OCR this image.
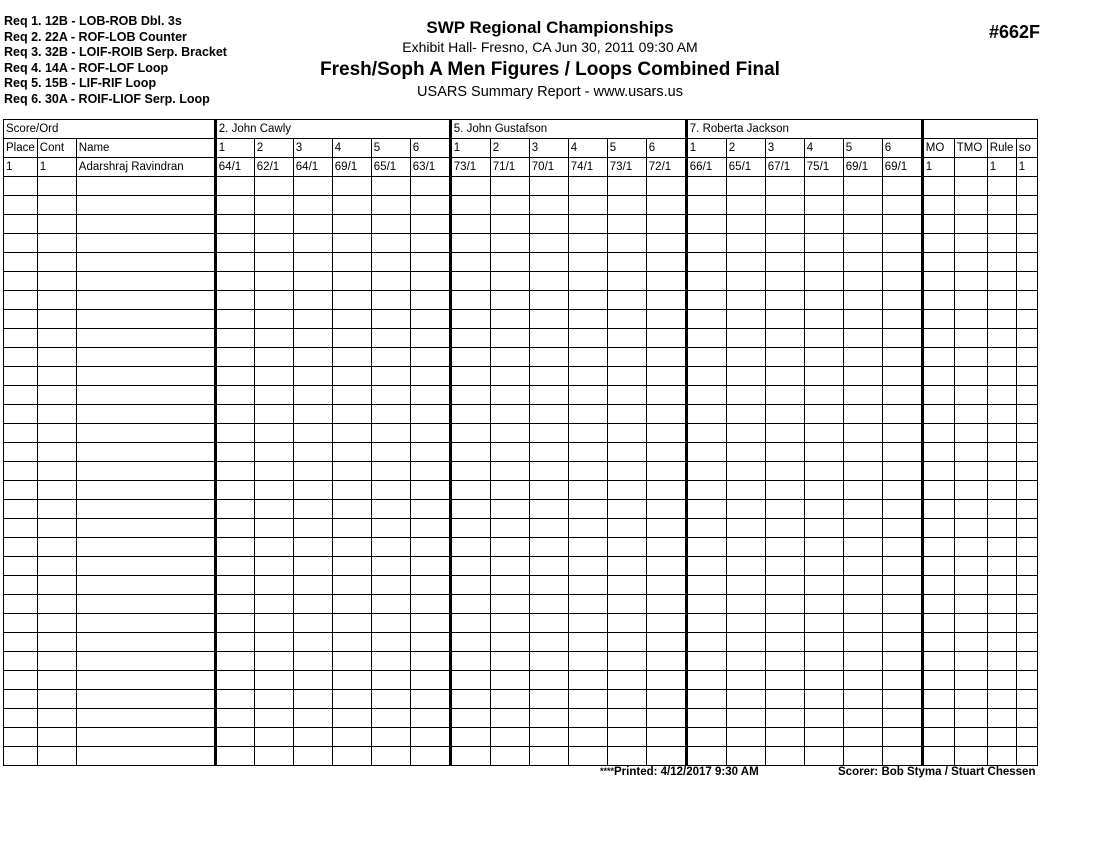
Req 1. 12B - LOB-ROB Dbl. 3s
Req 2. 22A - ROF-LOB Counter
Req 3. 32B - LOIF-ROIB Serp. Bracket
Req 4. 14A - ROF-LOF Loop
Req 5. 15B - LIF-RIF Loop
Req 6. 30A - ROIF-LIOF Serp. Loop
SWP Regional Championships
Exhibit Hall- Fresno, CA Jun 30, 2011 09:30 AM
Fresh/Soph A Men Figures / Loops Combined Final
USARS Summary Report - www.usars.us
#662F
Score/Ord			2. John Cawly						5. John Gustafson						7. Roberta Jackson									
Place	Cont	Name	1	2	3	4	5	6	1	2	3	4	5	6	1	2	3	4	5	6	MO	TMO	Rule	so
1	1	Adarshraj Ravindran	64/1	62/1	64/1	69/1	65/1	63/1	73/1	71/1	70/1	74/1	73/1	72/1	66/1	65/1	67/1	75/1	69/1	69/1	1		1	1

****Printed: 4/12/2017 9:30 AM	Scorer: Bob Styma / Stuart Chessen
